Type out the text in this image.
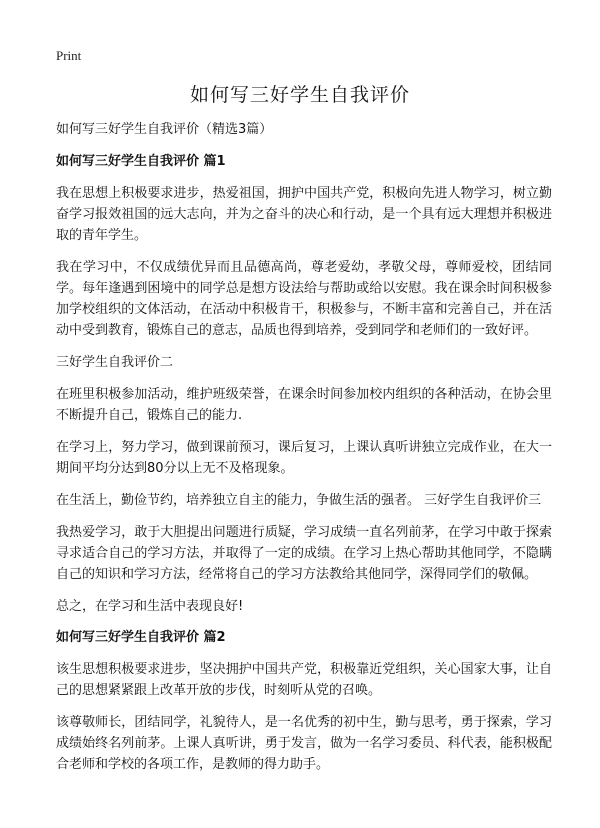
Print
如何写三好学生自我评价

如何写三好学生自我评价（精选3篇）

如何写三好学生自我评价 篇1

我在思想上积极要求进步，热爱祖国，拥护中国共产党，积极向先进人物学习，树立勤奋学习报效祖国的远大志向，并为之奋斗的决心和行动，是一个具有远大理想并积极进取的青年学生。

我在学习中，不仅成绩优异而且品德高尚，尊老爱幼，孝敬父母，尊师爱校，团结同学。每年逢遇到困境中的同学总是想方设法给与帮助或给以安慰。我在课余时间积极参加学校组织的文体活动，在活动中积极肯干，积极参与，不断丰富和完善自己，并在活动中受到教育，锻炼自己的意志，品质也得到培养，受到同学和老师们的一致好评。

三好学生自我评价二

在班里积极参加活动，维护班级荣誉，在课余时间参加校内组织的各种活动，在协会里不断提升自己，锻炼自己的能力.

在学习上，努力学习，做到课前预习，课后复习，上课认真听讲独立完成作业，在大一期间平均分达到80分以上无不及格现象。

在生活上，勤俭节约，培养独立自主的能力，争做生活的强者。 三好学生自我评价三

我热爱学习，敢于大胆提出问题进行质疑，学习成绩一直名列前茅，在学习中敢于探索寻求适合自己的学习方法，并取得了一定的成绩。在学习上热心帮助其他同学，不隐瞒自己的知识和学习方法，经常将自己的学习方法教给其他同学，深得同学们的敬佩。

总之，在学习和生活中表现良好!

如何写三好学生自我评价 篇2

该生思想积极要求进步，坚决拥护中国共产党，积极靠近党组织，关心国家大事，让自己的思想紧紧跟上改革开放的步伐，时刻听从党的召唤。

该尊敬师长，团结同学，礼貌待人，是一名优秀的初中生，勤与思考，勇于探索，学习成绩始终名列前茅。上课人真听讲，勇于发言，做为一名学习委员、科代表，能积极配合老师和学校的各项工作，是教师的得力助手。
